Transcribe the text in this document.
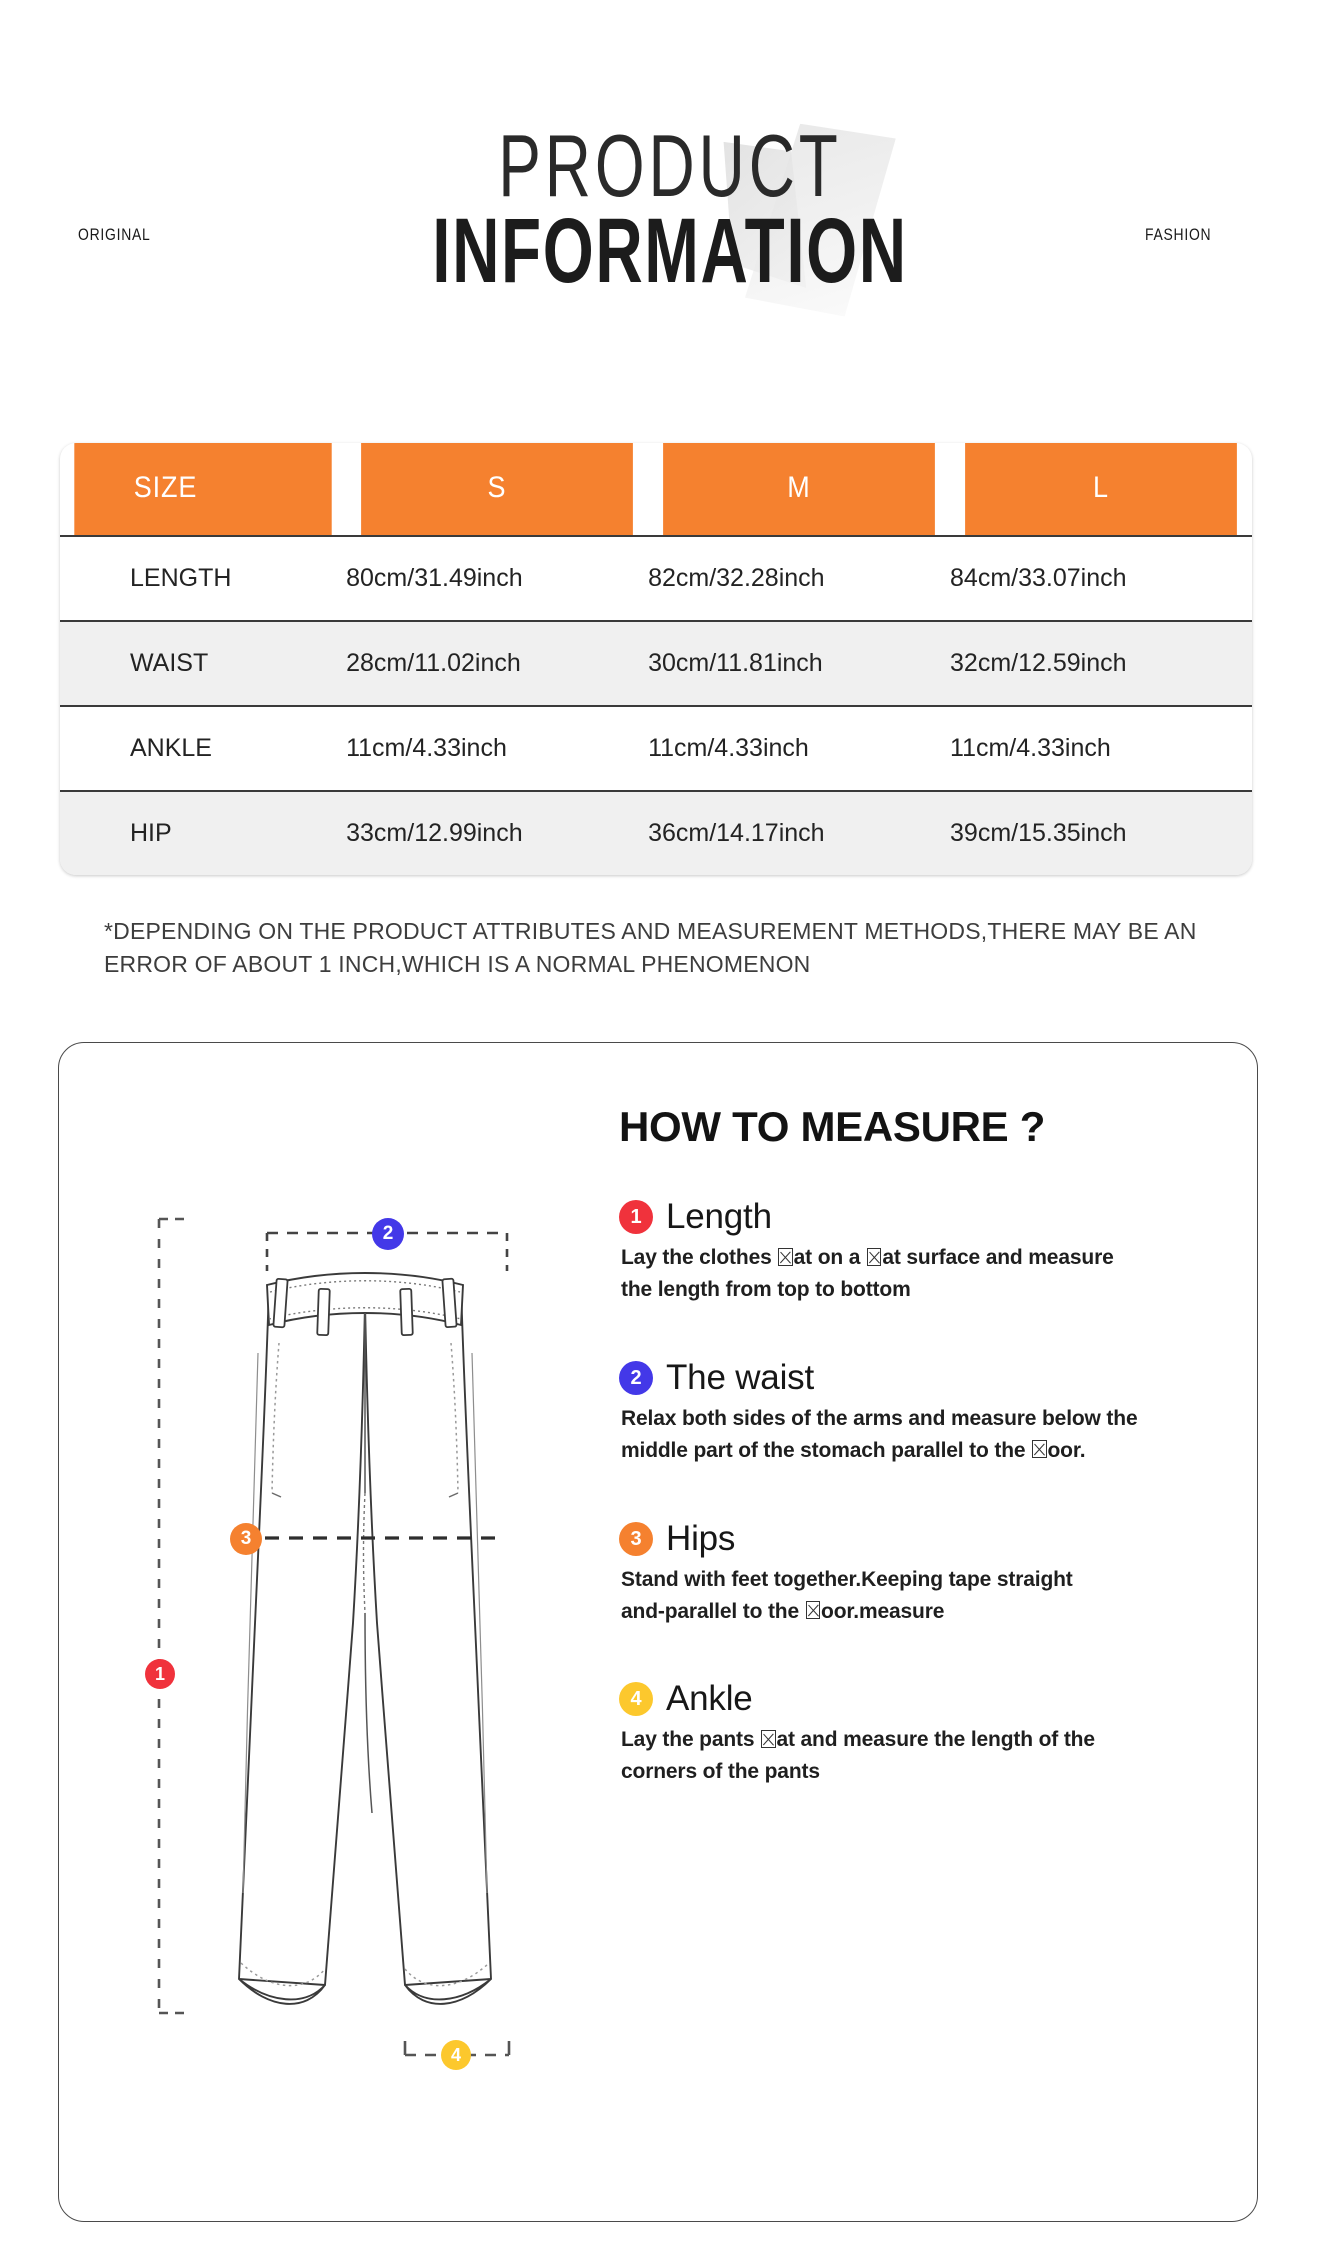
ORIGINAL	FASHION
PRODUCT
INFORMATION
SIZE	S	M	L
LENGTH	80cm/31.49inch	82cm/32.28inch	84cm/33.07inch
WAIST	28cm/11.02inch	30cm/11.81inch	32cm/12.59inch
ANKLE	11cm/4.33inch	11cm/4.33inch	11cm/4.33inch
HIP	33cm/12.99inch	36cm/14.17inch	39cm/15.35inch
*DEPENDING ON THE PRODUCT ATTRIBUTES AND MEASUREMENT METHODS,THERE MAY BE AN ERROR OF ABOUT 1 INCH,WHICH IS A NORMAL PHENOMENON
1
2
3
4
HOW TO MEASURE ?
1 Length
Lay the clothes at on a at surface and measure
the length from top to bottom
2 The waist
Relax both sides of the arms and measure below the
middle part of the stomach parallel to the oor.
3 Hips
Stand with feet together.Keeping tape straight
and-parallel to the oor.measure
4 Ankle
Lay the pants at and measure the length of the
corners of the pants
